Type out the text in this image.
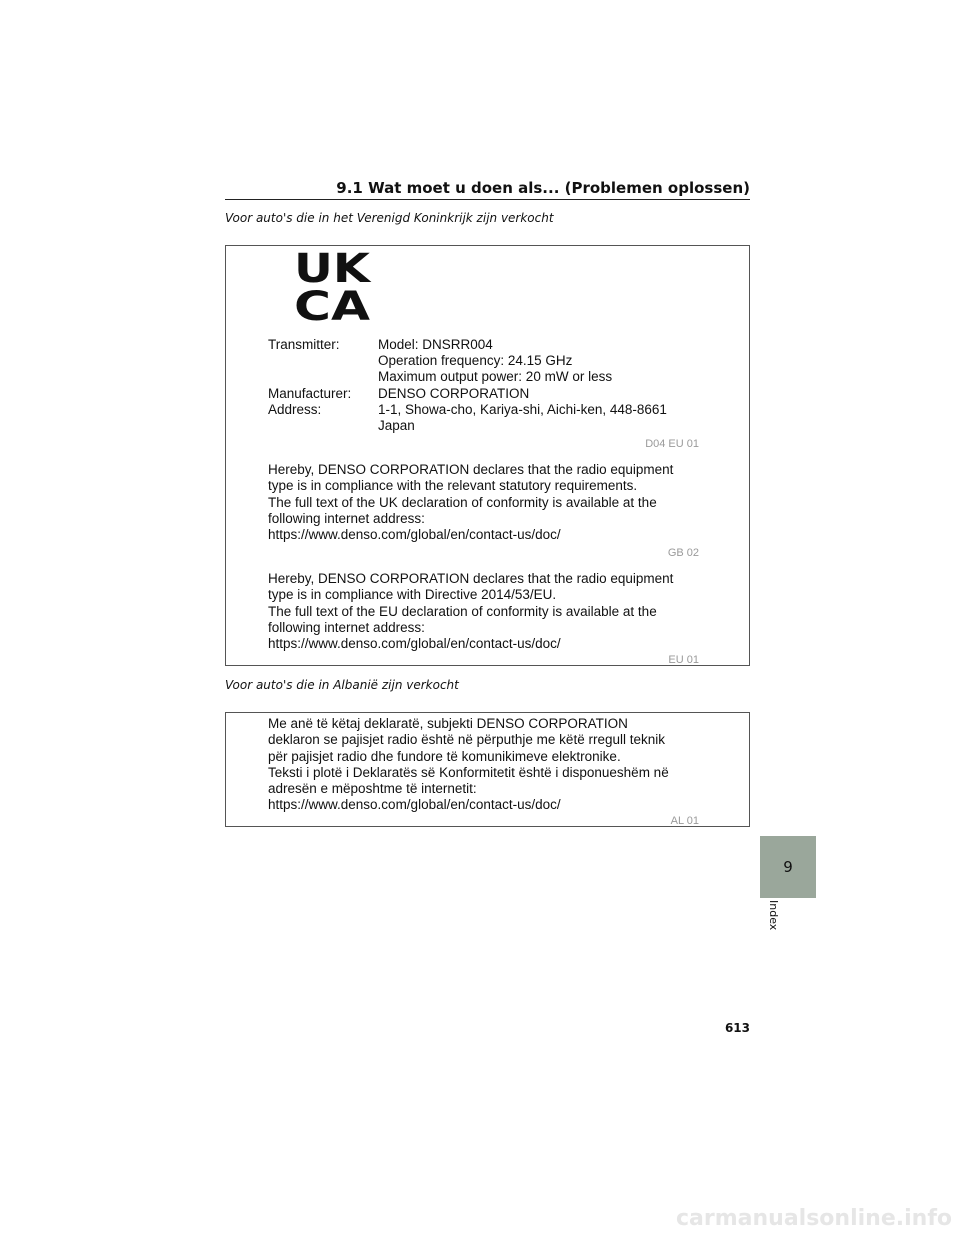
9.1 Wat moet u doen als... (Problemen oplossen)
Voor auto's die in het Verenigd Koninkrijk zijn verkocht
UK
CA
Transmitter:	Model: DNSRR004
Operation frequency: 24.15 GHz
Maximum output power: 20 mW or less
Manufacturer: DENSO CORPORATION
Address:	1-1, Showa-cho, Kariya-shi, Aichi-ken, 448-8661
Japan
D04 EU 01
Hereby, DENSO CORPORATION declares that the radio equipment
type is in compliance with the relevant statutory requirements.
The full text of the UK declaration of conformity is available at the
following internet address:
https://www.denso.com/global/en/contact-us/doc/
GB 02
Hereby, DENSO CORPORATION declares that the radio equipment
type is in compliance with Directive 2014/53/EU.
The full text of the EU declaration of conformity is available at the
following internet address:
https://www.denso.com/global/en/contact-us/doc/
EU 01
Voor auto's die in Albanië zijn verkocht
Me anë të këtaj deklaratë, subjekti DENSO CORPORATION
deklaron se pajisjet radio është në përputhje me këtë rregull teknik
për pajisjet radio dhe fundore të komunikimeve elektronike.
Teksti i plotë i Deklaratës së Konformitetit është i disponueshëm në
adresën e mëposhtme të internetit:
https://www.denso.com/global/en/contact-us/doc/
AL 01
9
Index
613
carmanualsonline.info
